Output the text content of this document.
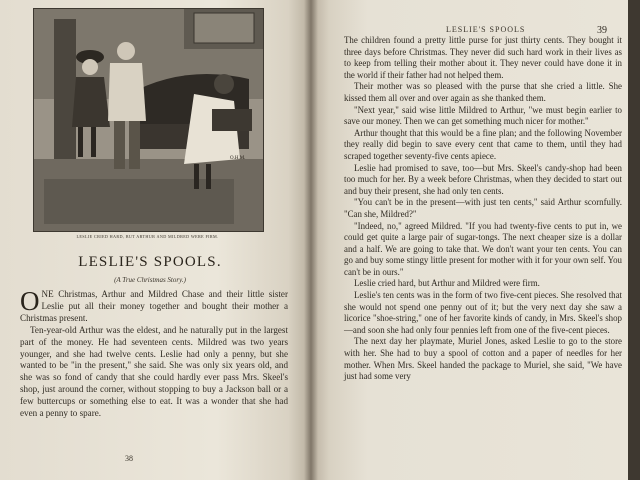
O.H.M.
LESLIE CRIED HARD, BUT ARTHUR AND MILDRED WERE FIRM.
LESLIE'S SPOOLS.
(A True Christmas Story.)

ONE Christmas, Arthur and Mildred Chase and their little sister Leslie put all their money together and bought their mother a Christmas present.

Ten-year-old Arthur was the eldest, and he naturally put in the largest part of the money. He had seventeen cents. Mildred was two years younger, and she had twelve cents. Leslie had only a penny, but she wanted to be "in the present," she said. She was only six years old, and she was so fond of candy that she could hardly ever pass Mrs. Skeel's shop, just around the corner, without stopping to buy a Jackson ball or a few buttercups or something else to eat. It was a wonder that she had even a penny to spare.

38
LESLIE'S SPOOLS	39

The children found a pretty little purse for just thirty cents. They bought it three days before Christmas. They never did such hard work in their lives as to keep from telling their mother about it. They never could have done it in the world if their father had not helped them.

Their mother was so pleased with the purse that she cried a little. She kissed them all over and over again as she thanked them.

"Next year," said wise little Mildred to Arthur, "we must begin earlier to save our money. Then we can get something much nicer for mother."

Arthur thought that this would be a fine plan; and the following November they really did begin to save every cent that came to them, until they had scraped together seventy-five cents apiece.

Leslie had promised to save, too—but Mrs. Skeel's candy-shop had been too much for her. By a week before Christmas, when they decided to start out and buy their present, she had only ten cents.

"You can't be in the present—with just ten cents," said Arthur scornfully. "Can she, Mildred?"

"Indeed, no," agreed Mildred. "If you had twenty-five cents to put in, we could get quite a large pair of sugar-tongs. The next cheaper size is a dollar and a half. We are going to take that. We don't want your ten cents. You can go and buy some stingy little present for mother with it for your own self. You can't be in ours."

Leslie cried hard, but Arthur and Mildred were firm.

Leslie's ten cents was in the form of two five-cent pieces. She resolved that she would not spend one penny out of it; but the very next day she saw a licorice "shoe-string," one of her favorite kinds of candy, in Mrs. Skeel's shop—and soon she had only four pennies left from one of the five-cent pieces.

The next day her playmate, Muriel Jones, asked Leslie to go to the store with her. She had to buy a spool of cotton and a paper of needles for her mother. When Mrs. Skeel handed the package to Muriel, she said, "We have just had some very
